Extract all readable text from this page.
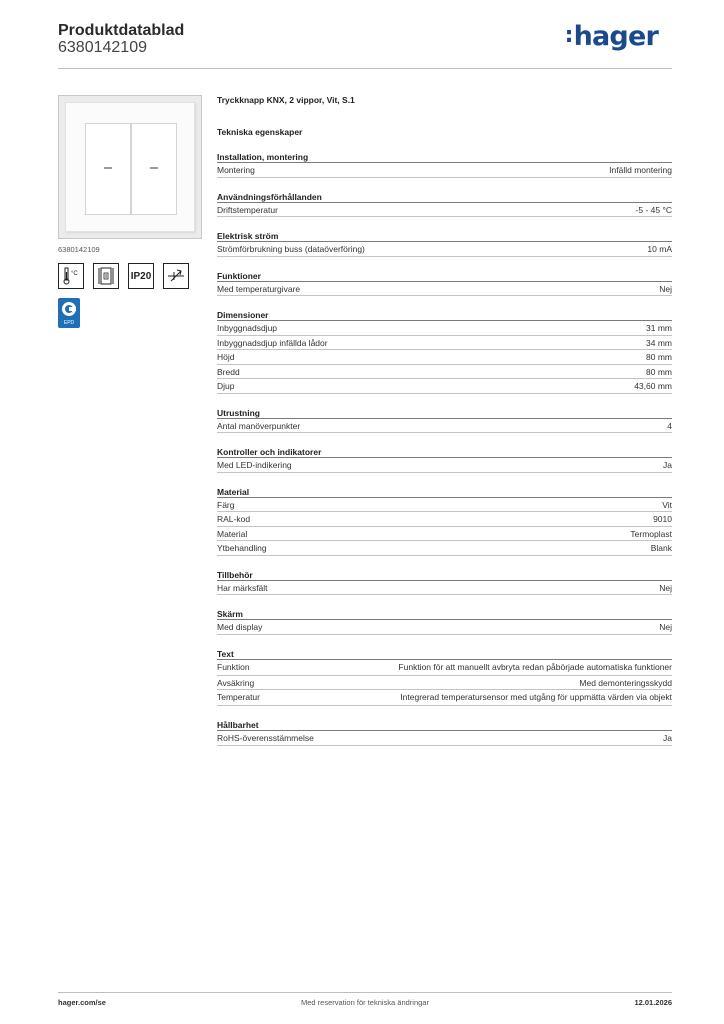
Produktdatablad
6380142109	:hager
6380142109
°C	IP20
EPD
Tryckknapp KNX, 2 vippor, Vit, S.1
Tekniska egenskaper
Installation, montering
Montering	Infälld montering
Användningsförhållanden
Driftstemperatur	-5 - 45 °C
Elektrisk ström
Strömförbrukning buss (dataöverföring)	10 mA
Funktioner
Med temperaturgivare	Nej
Dimensioner
Inbyggnadsdjup	31 mm
Inbyggnadsdjup infällda lådor	34 mm
Höjd	80 mm
Bredd	80 mm
Djup	43,60 mm
Utrustning
Antal manöverpunkter	4
Kontroller och indikatorer
Med LED-indikering	Ja
Material
Färg	Vit
RAL-kod	9010
Material	Termoplast
Ytbehandling	Blank
Tillbehör
Har märksfält	Nej
Skärm
Med display	Nej
Text
Funktion	Funktion för att manuellt avbryta redan påbörjade automatiska funktioner
Avsäkring	Med demonteringsskydd
Temperatur	Integrerad temperatursensor med utgång för uppmätta värden via objekt
Hållbarhet
RoHS-överensstämmelse	Ja
hager.com/se	Med reservation för tekniska ändringar	12.01.2026
